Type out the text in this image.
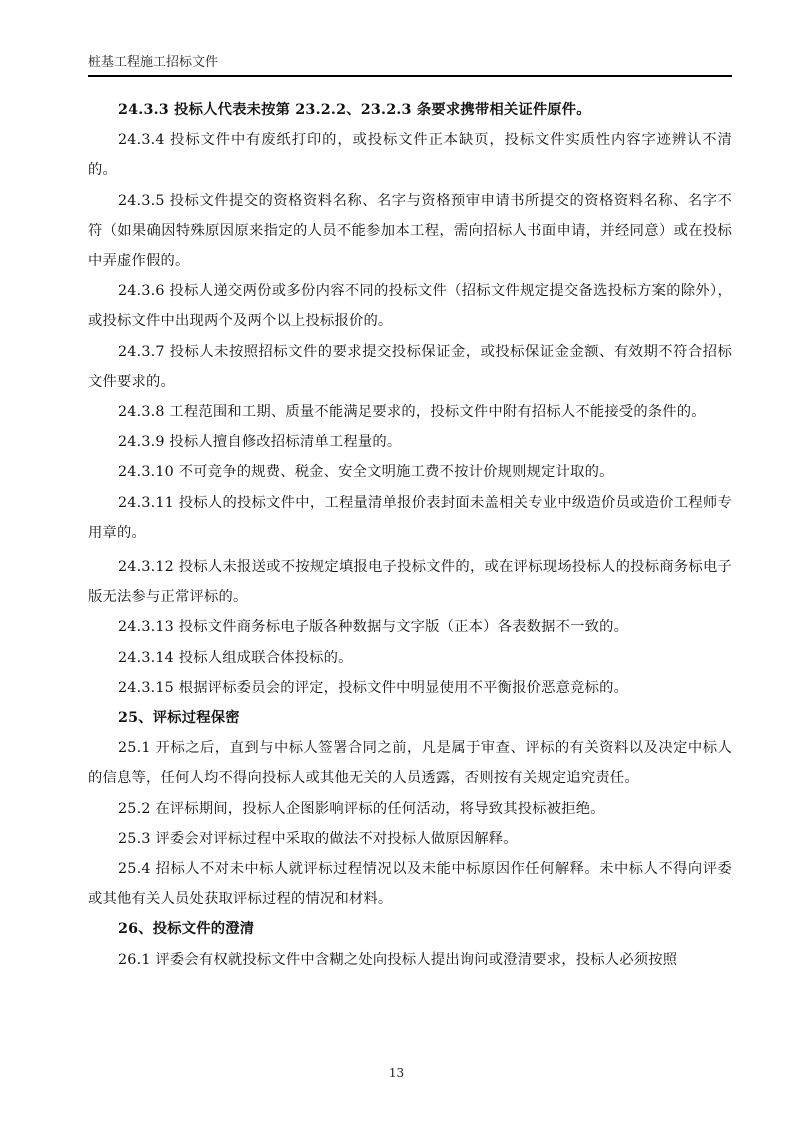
桩基工程施工招标文件

24.3.3 投标人代表未按第 23.2.2、23.2.3 条要求携带相关证件原件。

24.3.4 投标文件中有废纸打印的，或投标文件正本缺页，投标文件实质性内容字迹辨认不清的。

24.3.5 投标文件提交的资格资料名称、名字与资格预审申请书所提交的资格资料名称、名字不符（如果确因特殊原因原来指定的人员不能参加本工程，需向招标人书面申请，并经同意）或在投标中弄虚作假的。

24.3.6 投标人递交两份或多份内容不同的投标文件（招标文件规定提交备选投标方案的除外），或投标文件中出现两个及两个以上投标报价的。

24.3.7 投标人未按照招标文件的要求提交投标保证金，或投标保证金金额、有效期不符合招标文件要求的。

24.3.8 工程范围和工期、质量不能满足要求的，投标文件中附有招标人不能接受的条件的。

24.3.9 投标人擅自修改招标清单工程量的。

24.3.10 不可竞争的规费、税金、安全文明施工费不按计价规则规定计取的。

24.3.11 投标人的投标文件中，工程量清单报价表封面未盖相关专业中级造价员或造价工程师专用章的。

24.3.12 投标人未报送或不按规定填报电子投标文件的，或在评标现场投标人的投标商务标电子版无法参与正常评标的。

24.3.13 投标文件商务标电子版各种数据与文字版（正本）各表数据不一致的。

24.3.14 投标人组成联合体投标的。

24.3.15 根据评标委员会的评定，投标文件中明显使用不平衡报价恶意竞标的。

25、评标过程保密

25.1 开标之后，直到与中标人签署合同之前，凡是属于审查、评标的有关资料以及决定中标人的信息等，任何人均不得向投标人或其他无关的人员透露，否则按有关规定追究责任。

25.2 在评标期间，投标人企图影响评标的任何活动，将导致其投标被拒绝。

25.3 评委会对评标过程中采取的做法不对投标人做原因解释。

25.4 招标人不对未中标人就评标过程情况以及未能中标原因作任何解释。未中标人不得向评委或其他有关人员处获取评标过程的情况和材料。

26、投标文件的澄清

26.1 评委会有权就投标文件中含糊之处向投标人提出询问或澄清要求，投标人必须按照

13
